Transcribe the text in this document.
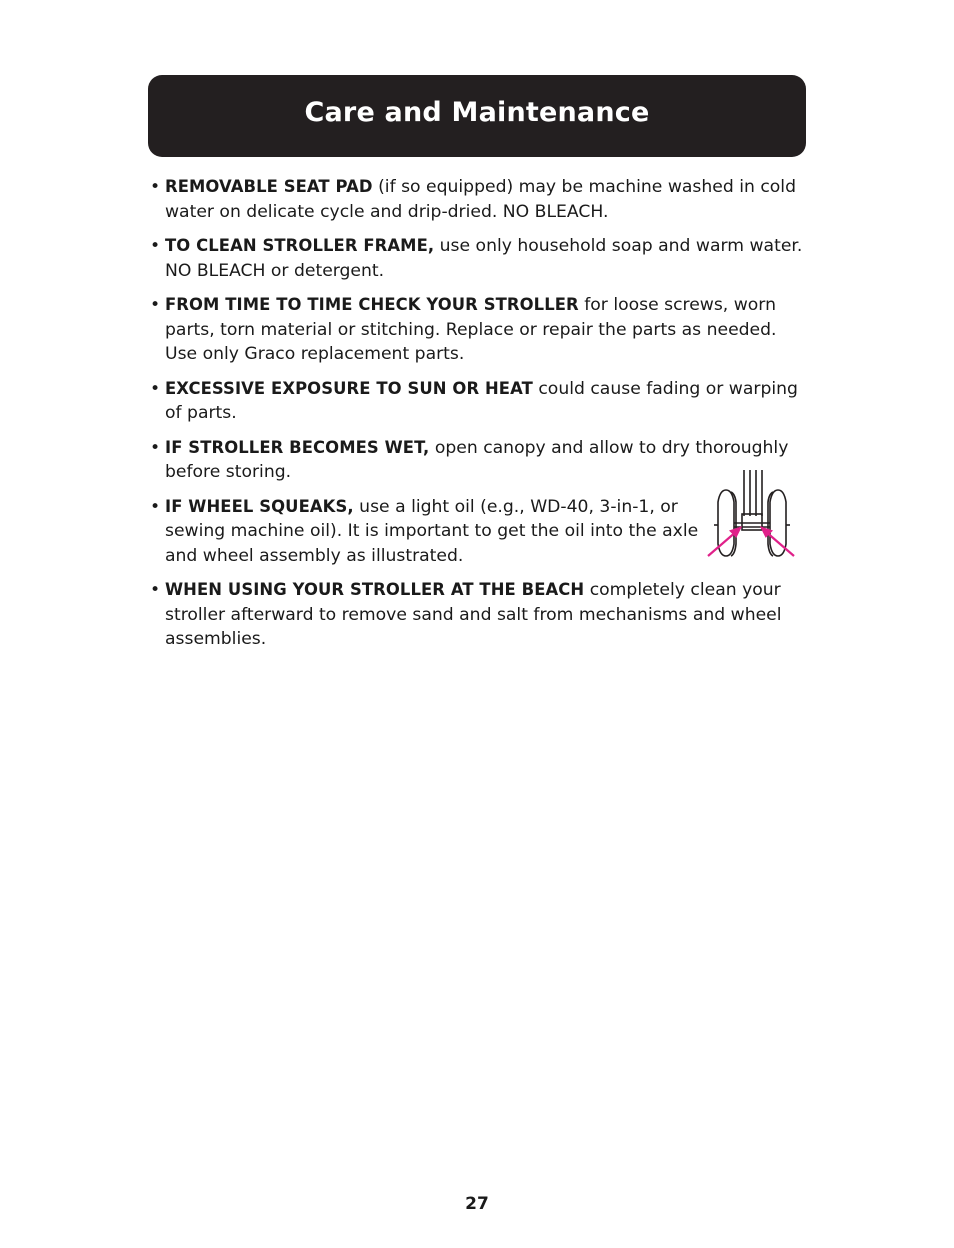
Care and Maintenance
• REMOVABLE SEAT PAD (if so equipped) may be machine washed in cold water on delicate cycle and drip-dried. NO BLEACH.
• TO CLEAN STROLLER FRAME, use only household soap and warm water. NO BLEACH or detergent.
• FROM TIME TO TIME CHECK YOUR STROLLER for loose screws, worn parts, torn material or stitching. Replace or repair the parts as needed. Use only Graco replacement parts.
• EXCESSIVE EXPOSURE TO SUN OR HEAT could cause fading or warping of parts.
• IF STROLLER BECOMES WET, open canopy and allow to dry thoroughly before storing.
• IF WHEEL SQUEAKS, use a light oil (e.g., WD-40, 3-in-1, or sewing machine oil). It is important to get the oil into the axle and wheel assembly as illustrated.
• WHEN USING YOUR STROLLER AT THE BEACH completely clean your stroller afterward to remove sand and salt from mechanisms and wheel assemblies.
27
